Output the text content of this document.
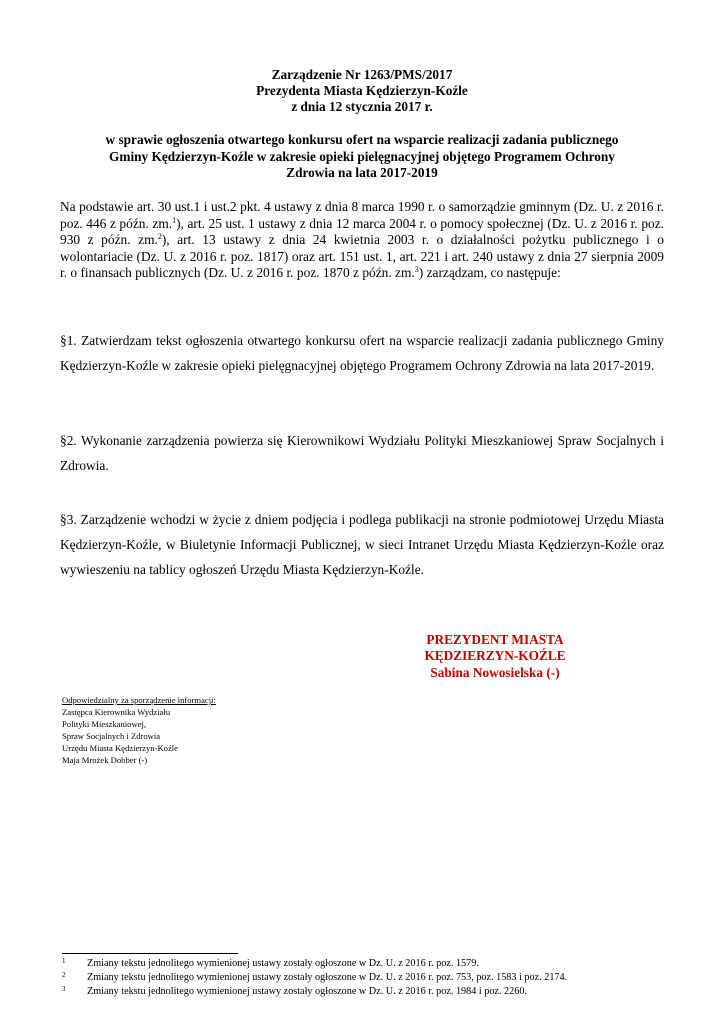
Zarządzenie Nr 1263/PMS/2017
Prezydenta Miasta Kędzierzyn-Koźle
z dnia 12 stycznia 2017 r.
w sprawie ogłoszenia otwartego konkursu ofert na wsparcie realizacji zadania publicznego
Gminy Kędzierzyn-Koźle w zakresie opieki pielęgnacyjnej objętego Programem Ochrony
Zdrowia na lata 2017-2019
Na podstawie art. 30 ust.1 i ust.2 pkt. 4 ustawy z dnia 8 marca 1990 r. o samorządzie gminnym (Dz. U. z 2016 r. poz. 446 z późn. zm.$^1$), art. 25 ust. 1 ustawy z dnia 12 marca 2004 r. o pomocy społecznej (Dz. U. z 2016 r. poz. 930 z późn. zm.$^2$), art. 13 ustawy z dnia 24 kwietnia 2003 r. o działalności pożytku publicznego i o wolontariacie (Dz. U. z 2016 r. poz. 1817) oraz art. 151 ust. 1, art. 221 i art. 240 ustawy z dnia 27 sierpnia 2009 r. o finansach publicznych (Dz. U. z 2016 r. poz. 1870 z późn. zm.$^3$) zarządzam, co następuje:
§1. Zatwierdzam tekst ogłoszenia otwartego konkursu ofert na wsparcie realizacji zadania publicznego Gminy Kędzierzyn-Koźle w zakresie opieki pielęgnacyjnej objętego Programem Ochrony Zdrowia na lata 2017-2019.
§2. Wykonanie zarządzenia powierza się Kierownikowi Wydziału Polityki Mieszkaniowej Spraw Socjalnych i Zdrowia.
§3. Zarządzenie wchodzi w życie z dniem podjęcia i podlega publikacji na stronie podmiotowej Urzędu Miasta Kędzierzyn-Koźle, w Biuletynie Informacji Publicznej, w sieci Intranet Urzędu Miasta Kędzierzyn-Koźle oraz wywieszeniu na tablicy ogłoszeń Urzędu Miasta Kędzierzyn-Koźle.
PREZYDENT MIASTA
KĘDZIERZYN-KOŹLE
Sabina Nowosielska (-)
Odpowiedzialny za sporządzenie informacji:
Zastępca Kierownika Wydziału
Polityki Mieszkaniowej,
Spraw Socjalnych i Zdrowia
Urzędu Miasta Kędzierzyn-Koźle
Maja Mrożek Dobber (-)
1 Zmiany tekstu jednolitego wymienionej ustawy zostały ogłoszone w Dz. U. z 2016 r. poz. 1579.
2 Zmiany tekstu jednolitego wymienionej ustawy zostały ogłoszone w Dz. U. z 2016 r. poz. 753, poz. 1583 i poz. 2174.
3 Zmiany tekstu jednolitego wymienionej ustawy zostały ogłoszone w Dz. U. z 2016 r. poz. 1984 i poz. 2260.
